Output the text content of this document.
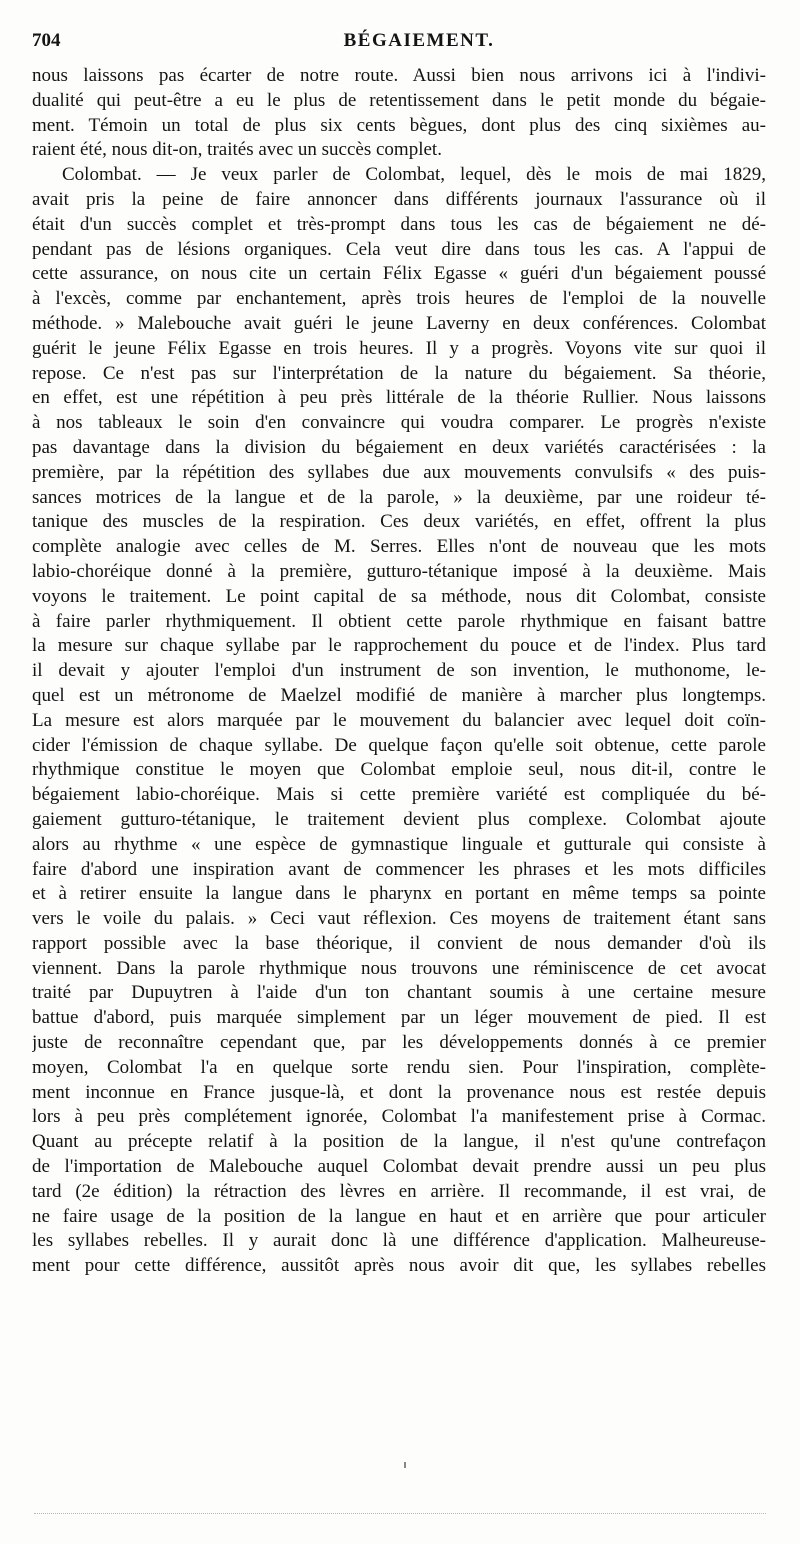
704	BÉGAIEMENT.
nous laissons pas écarter de notre route. Aussi bien nous arrivons ici à l'indivi-
dualité qui peut-être a eu le plus de retentissement dans le petit monde du bégaie-
ment. Témoin un total de plus six cents bègues, dont plus des cinq sixièmes au-
raient été, nous dit-on, traités avec un succès complet.
Colombat. — Je veux parler de Colombat, lequel, dès le mois de mai 1829,
avait pris la peine de faire annoncer dans différents journaux l'assurance où il
était d'un succès complet et très-prompt dans tous les cas de bégaiement ne dé-
pendant pas de lésions organiques. Cela veut dire dans tous les cas. A l'appui de
cette assurance, on nous cite un certain Félix Egasse « guéri d'un bégaiement poussé
à l'excès, comme par enchantement, après trois heures de l'emploi de la nouvelle
méthode. » Malebouche avait guéri le jeune Laverny en deux conférences. Colombat
guérit le jeune Félix Egasse en trois heures. Il y a progrès. Voyons vite sur quoi il
repose. Ce n'est pas sur l'interprétation de la nature du bégaiement. Sa théorie,
en effet, est une répétition à peu près littérale de la théorie Rullier. Nous laissons
à nos tableaux le soin d'en convaincre qui voudra comparer. Le progrès n'existe
pas davantage dans la division du bégaiement en deux variétés caractérisées : la
première, par la répétition des syllabes due aux mouvements convulsifs « des puis-
sances motrices de la langue et de la parole, » la deuxième, par une roideur té-
tanique des muscles de la respiration. Ces deux variétés, en effet, offrent la plus
complète analogie avec celles de M. Serres. Elles n'ont de nouveau que les mots
labio-choréique donné à la première, gutturo-tétanique imposé à la deuxième. Mais
voyons le traitement. Le point capital de sa méthode, nous dit Colombat, consiste
à faire parler rhythmiquement. Il obtient cette parole rhythmique en faisant battre
la mesure sur chaque syllabe par le rapprochement du pouce et de l'index. Plus tard
il devait y ajouter l'emploi d'un instrument de son invention, le muthonome, le-
quel est un métronome de Maelzel modifié de manière à marcher plus longtemps.
La mesure est alors marquée par le mouvement du balancier avec lequel doit coïn-
cider l'émission de chaque syllabe. De quelque façon qu'elle soit obtenue, cette parole
rhythmique constitue le moyen que Colombat emploie seul, nous dit-il, contre le
bégaiement labio-choréique. Mais si cette première variété est compliquée du bé-
gaiement gutturo-tétanique, le traitement devient plus complexe. Colombat ajoute
alors au rhythme « une espèce de gymnastique linguale et gutturale qui consiste à
faire d'abord une inspiration avant de commencer les phrases et les mots difficiles
et à retirer ensuite la langue dans le pharynx en portant en même temps sa pointe
vers le voile du palais. » Ceci vaut réflexion. Ces moyens de traitement étant sans
rapport possible avec la base théorique, il convient de nous demander d'où ils
viennent. Dans la parole rhythmique nous trouvons une réminiscence de cet avocat
traité par Dupuytren à l'aide d'un ton chantant soumis à une certaine mesure
battue d'abord, puis marquée simplement par un léger mouvement de pied. Il est
juste de reconnaître cependant que, par les développements donnés à ce premier
moyen, Colombat l'a en quelque sorte rendu sien. Pour l'inspiration, complète-
ment inconnue en France jusque-là, et dont la provenance nous est restée depuis
lors à peu près complétement ignorée, Colombat l'a manifestement prise à Cormac.
Quant au précepte relatif à la position de la langue, il n'est qu'une contrefaçon
de l'importation de Malebouche auquel Colombat devait prendre aussi un peu plus
tard (2e édition) la rétraction des lèvres en arrière. Il recommande, il est vrai, de
ne faire usage de la position de la langue en haut et en arrière que pour articuler
les syllabes rebelles. Il y aurait donc là une différence d'application. Malheureuse-
ment pour cette différence, aussitôt après nous avoir dit que, les syllabes rebelles
